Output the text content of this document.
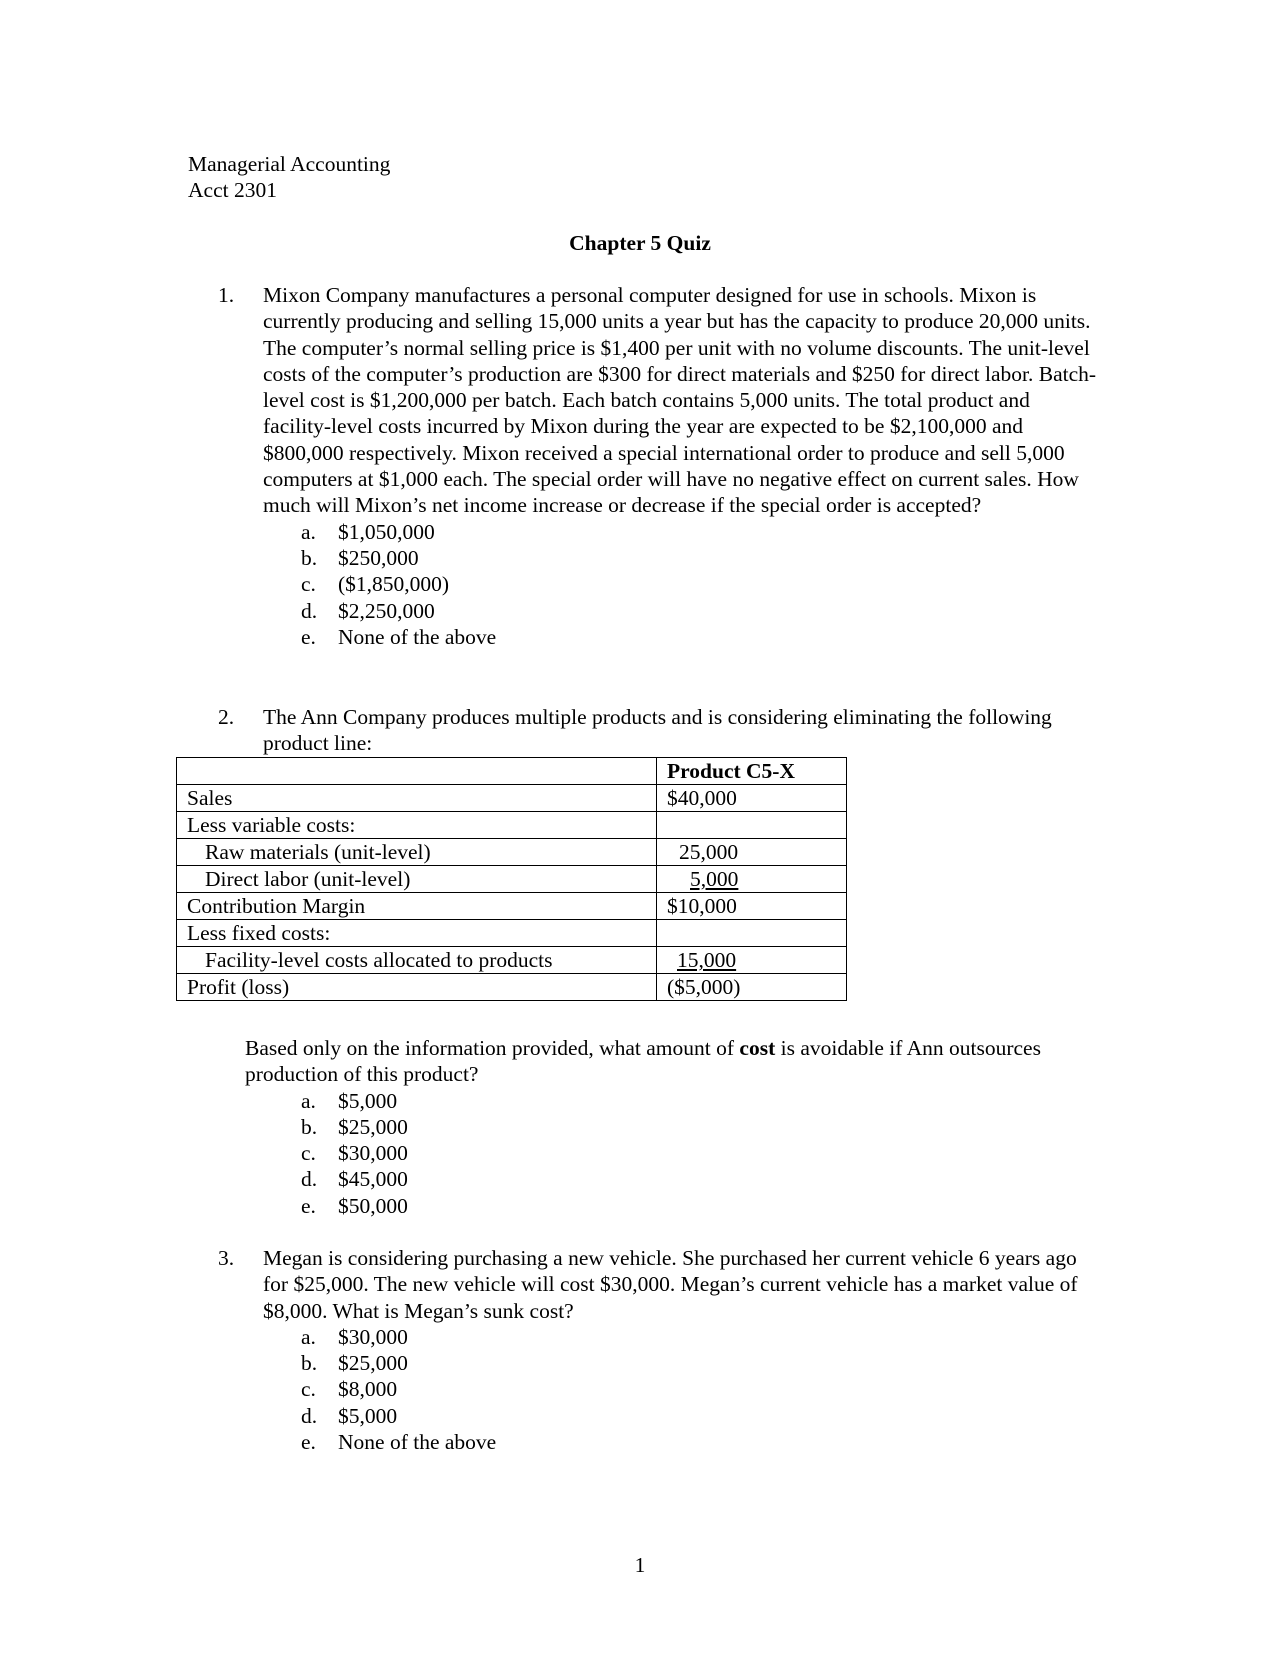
Managerial Accounting
Acct 2301
Chapter 5 Quiz
1.	Mixon Company manufactures a personal computer designed for use in schools. Mixon is currently producing and selling 15,000 units a year but has the capacity to produce 20,000 units. The computer’s normal selling price is $1,400 per unit with no volume discounts. The unit-level costs of the computer’s production are $300 for direct materials and $250 for direct labor. Batch-level cost is $1,200,000 per batch. Each batch contains 5,000 units. The total product and facility-level costs incurred by Mixon during the year are expected to be $2,100,000 and $800,000 respectively. Mixon received a special international order to produce and sell 5,000 computers at $1,000 each. The special order will have no negative effect on current sales. How much will Mixon’s net income increase or decrease if the special order is accepted?
a. $1,050,000
b. $250,000
c. ($1,850,000)
d. $2,250,000
e. None of the above
2.	The Ann Company produces multiple products and is considering eliminating the following product line:
	Product C5-X
Sales	$40,000
Less variable costs:	
Raw materials (unit-level)	25,000
Direct labor (unit-level)	5,000
Contribution Margin	$10,000
Less fixed costs:	
Facility-level costs allocated to products	15,000
Profit (loss)	($5,000)
Based only on the information provided, what amount of cost is avoidable if Ann outsources production of this product?
a. $5,000
b. $25,000
c. $30,000
d. $45,000
e. $50,000
3.	Megan is considering purchasing a new vehicle. She purchased her current vehicle 6 years ago for $25,000. The new vehicle will cost $30,000. Megan’s current vehicle has a market value of $8,000. What is Megan’s sunk cost?
a. $30,000
b. $25,000
c. $8,000
d. $5,000
e. None of the above
1
